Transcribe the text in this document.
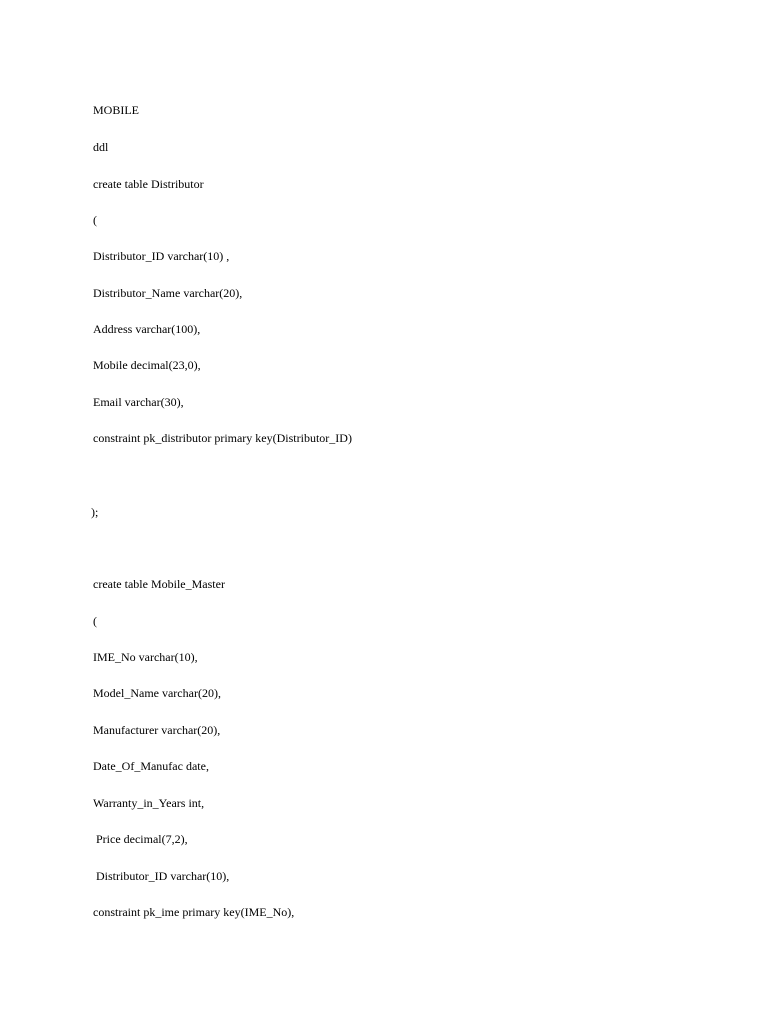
MOBILE
ddl
create table Distributor
(
Distributor_ID varchar(10) ,
Distributor_Name varchar(20),
Address varchar(100),
Mobile decimal(23,0),
Email varchar(30),
constraint pk_distributor primary key(Distributor_ID)
);
create table Mobile_Master
(
IME_No varchar(10),
Model_Name varchar(20),
Manufacturer varchar(20),
Date_Of_Manufac date,
Warranty_in_Years int,
Price decimal(7,2),
Distributor_ID varchar(10),
constraint pk_ime primary key(IME_No),
